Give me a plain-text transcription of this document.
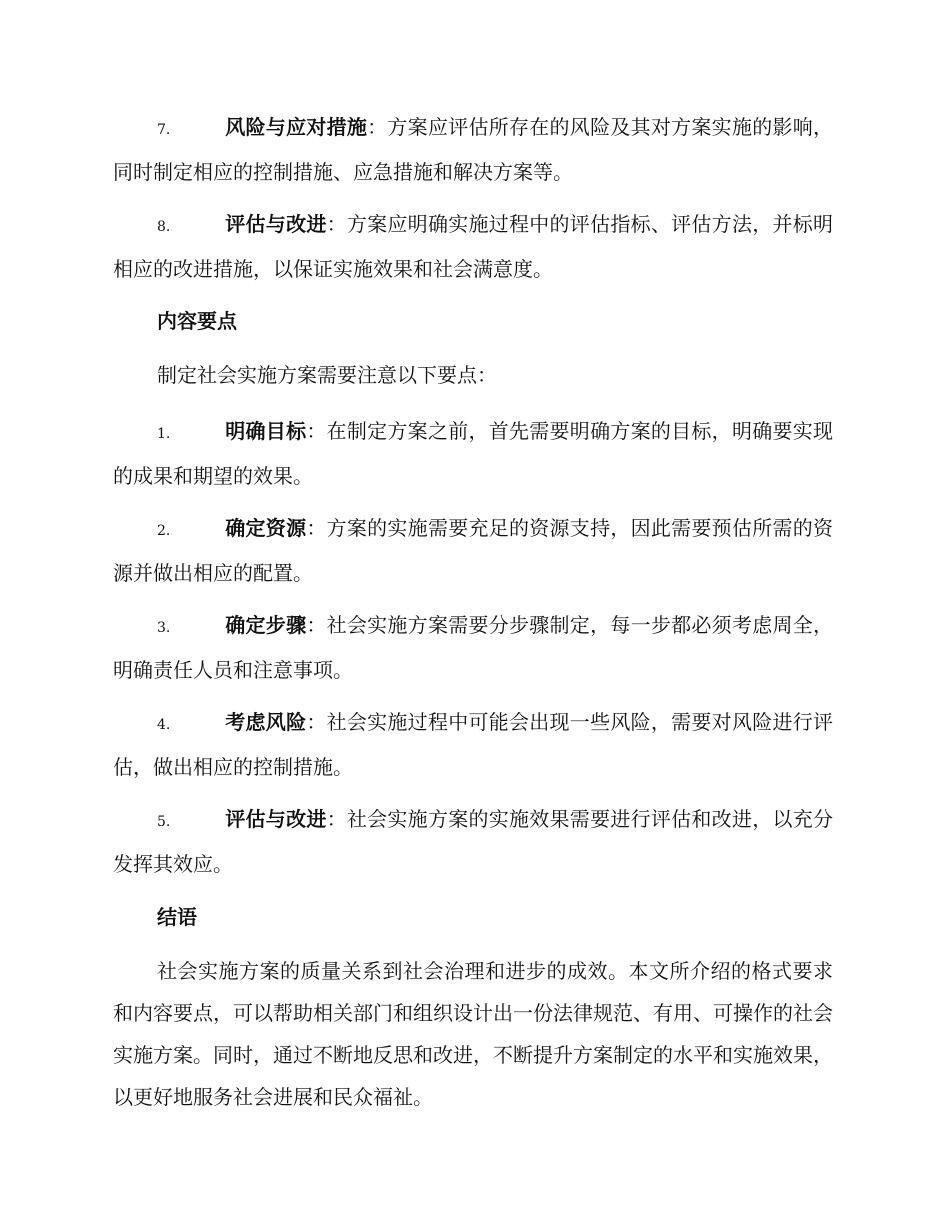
7.	风险与应对措施：方案应评估所存在的风险及其对方案实施的影响，同时制定相应的控制措施、应急措施和解决方案等。
8.	评估与改进：方案应明确实施过程中的评估指标、评估方法，并标明相应的改进措施，以保证实施效果和社会满意度。
内容要点
制定社会实施方案需要注意以下要点：
1.	明确目标：在制定方案之前，首先需要明确方案的目标，明确要实现的成果和期望的效果。
2.	确定资源：方案的实施需要充足的资源支持，因此需要预估所需的资源并做出相应的配置。
3.	确定步骤：社会实施方案需要分步骤制定，每一步都必须考虑周全，明确责任人员和注意事项。
4.	考虑风险：社会实施过程中可能会出现一些风险，需要对风险进行评估，做出相应的控制措施。
5.	评估与改进：社会实施方案的实施效果需要进行评估和改进，以充分发挥其效应。
结语
社会实施方案的质量关系到社会治理和进步的成效。本文所介绍的格式要求和内容要点，可以帮助相关部门和组织设计出一份法律规范、有用、可操作的社会实施方案。同时，通过不断地反思和改进，不断提升方案制定的水平和实施效果，以更好地服务社会进展和民众福祉。
